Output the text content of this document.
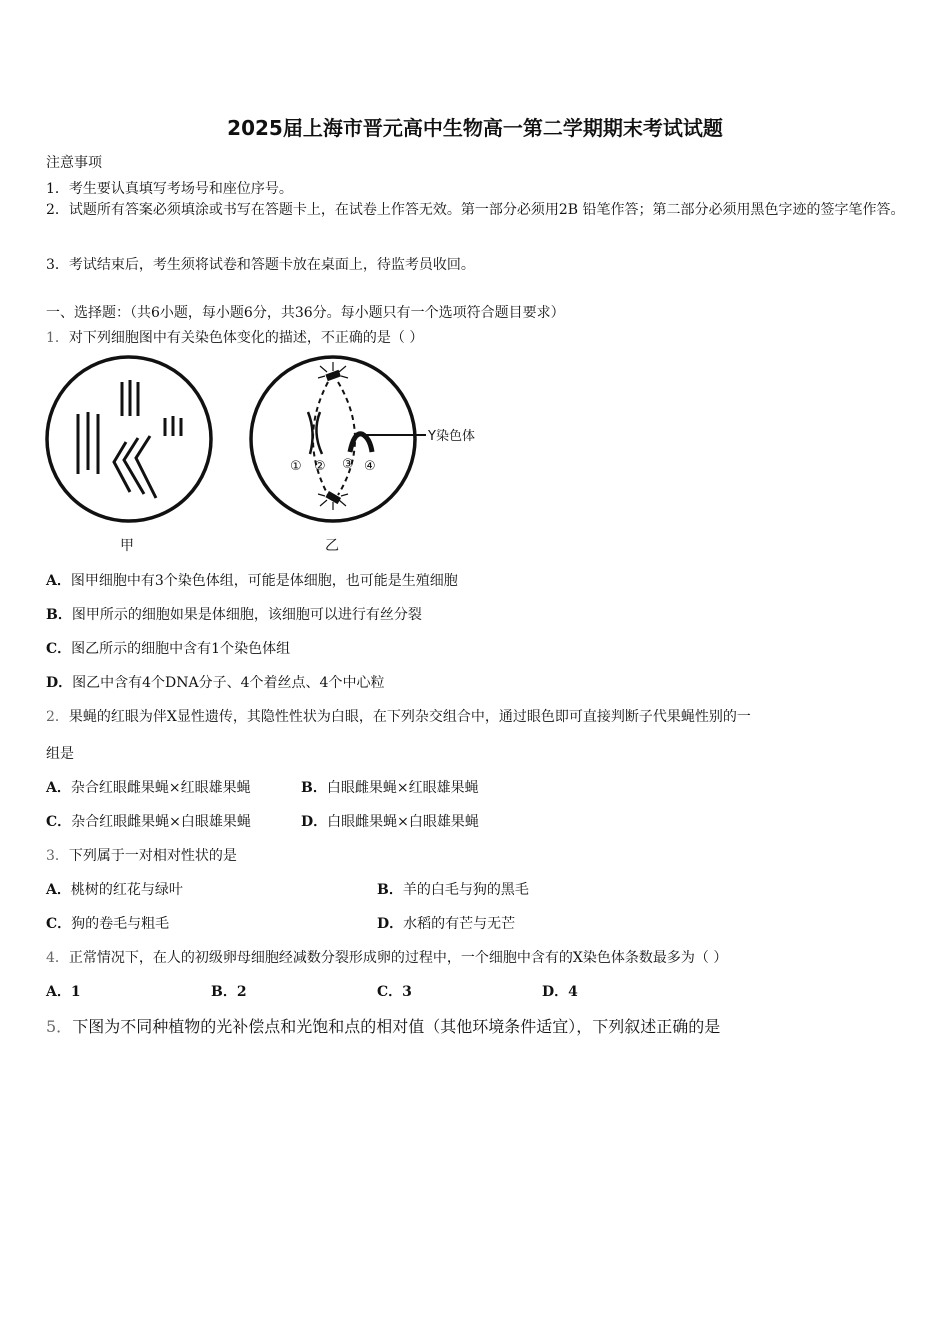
2025届上海市晋元高中生物高一第二学期期末考试试题
注意事项
1．考生要认真填写考场号和座位序号。
2．试题所有答案必须填涂或书写在答题卡上，在试卷上作答无效。第一部分必须用2B 铅笔作答；第二部分必须用黑色字迹的签字笔作答。
3．考试结束后，考生须将试卷和答题卡放在桌面上，待监考员收回。
一、选择题：（共6小题，每小题6分，共36分。每小题只有一个选项符合题目要求）
1．对下列细胞图中有关染色体变化的描述，不正确的是（ ）
甲
Y染色体
① ② ③ ④
乙
A．图甲细胞中有3个染色体组，可能是体细胞，也可能是生殖细胞
B．图甲所示的细胞如果是体细胞，该细胞可以进行有丝分裂
C．图乙所示的细胞中含有1个染色体组
D．图乙中含有4个DNA分子、4个着丝点、4个中心粒
2．果蝇的红眼为伴X显性遗传，其隐性性状为白眼，在下列杂交组合中，通过眼色即可直接判断子代果蝇性别的一
组是
A．杂合红眼雌果蝇×红眼雄果蝇	B．白眼雌果蝇×红眼雄果蝇
C．杂合红眼雌果蝇×白眼雄果蝇	D．白眼雌果蝇×白眼雄果蝇
3．下列属于一对相对性状的是
A．桃树的红花与绿叶	B．羊的白毛与狗的黑毛
C．狗的卷毛与粗毛	D．水稻的有芒与无芒
4．正常情况下，在人的初级卵母细胞经减数分裂形成卵的过程中，一个细胞中含有的X染色体条数最多为（ ）
A．1	B．2	C．3	D．4
5．下图为不同种植物的光补偿点和光饱和点的相对值（其他环境条件适宜），下列叙述正确的是
